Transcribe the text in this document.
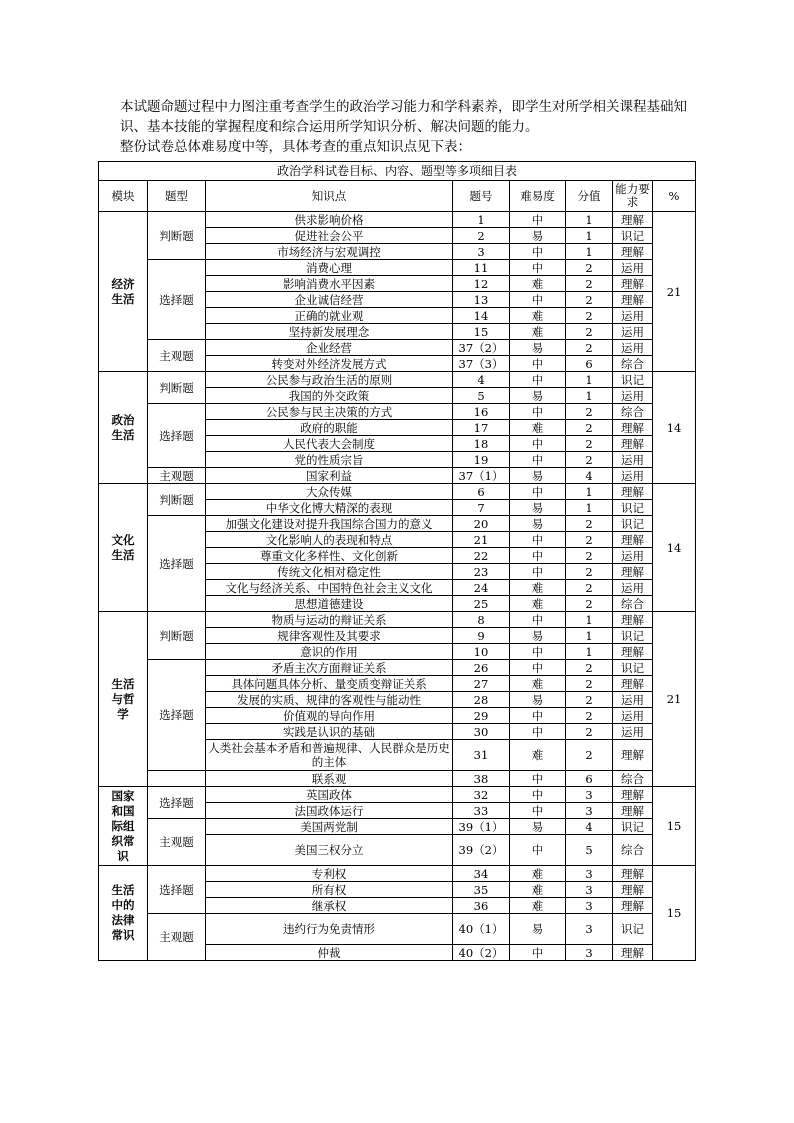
本试题命题过程中力图注重考查学生的政治学习能力和学科素养，即学生对所学相关课程基础知识、基本技能的掌握程度和综合运用所学知识分析、解决问题的能力。

整份试卷总体难易度中等，具体考查的重点知识点见下表：

政治学科试卷目标、内容、题型等多项细目表							
模块	题型	知识点	题号	难易度	分值	能力要求	%
经济生活	判断题	供求影响价格	1	中	1	理解	21
		促进社会公平	2	易	1	识记	
		市场经济与宏观调控	3	中	1	理解	
	选择题	消费心理	11	中	2	运用	
		影响消费水平因素	12	难	2	理解	
		企业诚信经营	13	中	2	理解	
		正确的就业观	14	难	2	运用	
		坚持新发展理念	15	难	2	运用	
	主观题	企业经营	37（2）	易	2	运用	
		转变对外经济发展方式	37（3）	中	6	综合	
政治生活	判断题	公民参与政治生活的原则	4	中	1	识记	14
		我国的外交政策	5	易	1	运用	
	选择题	公民参与民主决策的方式	16	中	2	综合	
		政府的职能	17	难	2	理解	
		人民代表大会制度	18	中	2	理解	
		党的性质宗旨	19	中	2	运用	
	主观题	国家利益	37（1）	易	4	运用	
文化生活	判断题	大众传媒	6	中	1	理解	14
		中华文化博大精深的表现	7	易	1	识记	
	选择题	加强文化建设对提升我国综合国力的意义	20	易	2	识记	
		文化影响人的表现和特点	21	中	2	理解	
		尊重文化多样性、文化创新	22	中	2	运用	
		传统文化相对稳定性	23	中	2	理解	
		文化与经济关系、中国特色社会主义文化	24	难	2	运用	
		思想道德建设	25	难	2	综合	
生活与哲学	判断题	物质与运动的辩证关系	8	中	1	理解	21
		规律客观性及其要求	9	易	1	识记	
		意识的作用	10	中	1	理解	
	选择题	矛盾主次方面辩证关系	26	中	2	识记	
		具体问题具体分析、量变质变辩证关系	27	难	2	理解	
		发展的实质、规律的客观性与能动性	28	易	2	运用	
		价值观的导向作用	29	中	2	运用	
		实践是认识的基础	30	中	2	运用	
		人类社会基本矛盾和普遍规律、人民群众是历史的主体	31	难	2	理解	
		联系观	38	中	6	综合	
国家和国际组织常识	选择题	英国政体	32	中	3	理解	15
		法国政体运行	33	中	3	理解	
	主观题	美国两党制	39（1）	易	4	识记	
		美国三权分立	39（2）	中	5	综合	
生活中的法律常识	选择题	专利权	34	难	3	理解	15
		所有权	35	难	3	理解	
		继承权	36	难	3	理解	
	主观题	违约行为免责情形	40（1）	易	3	识记	
		仲裁	40（2）	中	3	理解	
